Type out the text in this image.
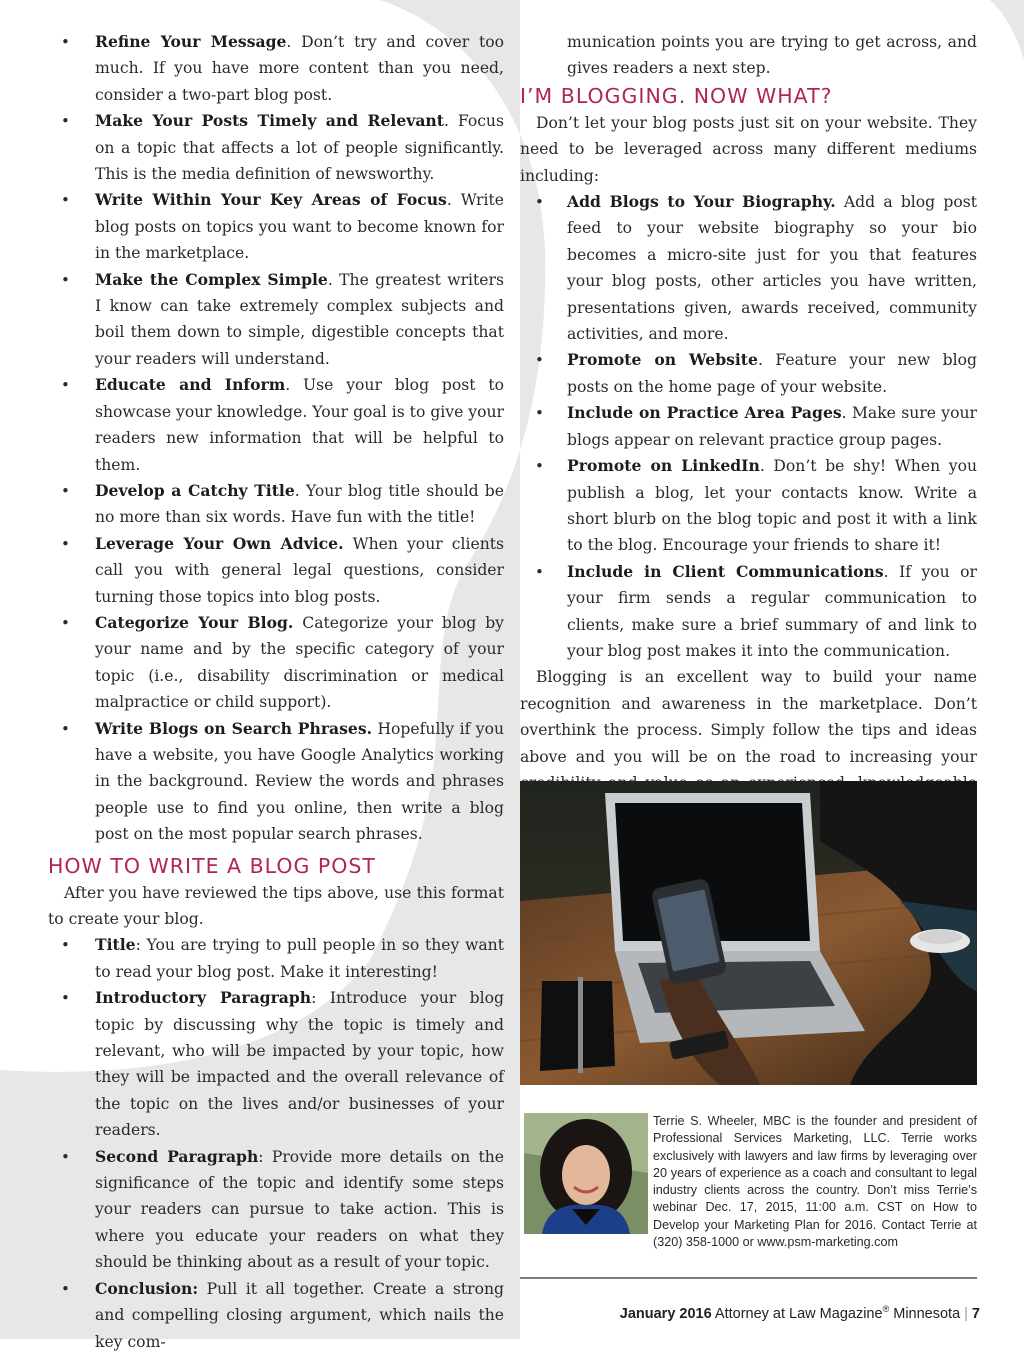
• Refine Your Message. Don’t try and cover too much. If you have more content than you need, consider a two-part blog post.
• Make Your Posts Timely and Relevant. Focus on a topic that affects a lot of people significantly. This is the media definition of newsworthy.
• Write Within Your Key Areas of Focus. Write blog posts on topics you want to become known for in the marketplace.
• Make the Complex Simple. The greatest writers I know can take extremely complex subjects and boil them down to simple, digestible concepts that your readers will understand.
• Educate and Inform. Use your blog post to showcase your knowledge. Your goal is to give your readers new information that will be helpful to them.
• Develop a Catchy Title. Your blog title should be no more than six words. Have fun with the title!
• Leverage Your Own Advice. When your clients call you with general legal questions, consider turning those topics into blog posts.
• Categorize Your Blog. Categorize your blog by your name and by the specific category of your topic (i.e., disability discrimination or medical malpractice or child support).
• Write Blogs on Search Phrases. Hopefully if you have a website, you have Google Analytics working in the background. Review the words and phrases people use to find you online, then write a blog post on the most popular search phrases.
HOW TO WRITE A BLOG POST

After you have reviewed the tips above, use this format to create your blog.

• Title: You are trying to pull people in so they want to read your blog post. Make it interesting!
• Introductory Paragraph: Introduce your blog topic by discussing why the topic is timely and relevant, who will be impacted by your topic, how they will be impacted and the overall relevance of the topic on the lives and/or businesses of your readers.
• Second Paragraph: Provide more details on the significance of the topic and identify some steps your readers can pursue to take action. This is where you educate your readers on what they should be thinking about as a result of your topic.
• Conclusion: Pull it all together. Create a strong and compelling closing argument, which nails the key com-

munication points you are trying to get across, and gives readers a next step.

I’M BLOGGING. NOW WHAT?

Don’t let your blog posts just sit on your website. They need to be leveraged across many different mediums including:

• Add Blogs to Your Biography. Add a blog post feed to your website biography so your bio becomes a micro-site just for you that features your blog posts, other articles you have written, presentations given, awards received, community activities, and more.
• Promote on Website. Feature your new blog posts on the home page of your website.
• Include on Practice Area Pages. Make sure your blogs appear on relevant practice group pages.
• Promote on LinkedIn. Don’t be shy! When you publish a blog, let your contacts know. Write a short blurb on the blog topic and post it with a link to the blog. Encourage your friends to share it!
• Include in Client Communications. If you or your firm sends a regular communication to clients, make sure a brief summary of and link to your blog post makes it into the communication.

Blogging is an excellent way to build your name recognition and awareness in the marketplace. Don’t overthink the process. Simply follow the tips and ideas above and you will be on the road to increasing your

Terrie S. Wheeler, MBC is the founder and president of Professional Services Marketing, LLC. Terrie works exclusively with lawyers and law firms by leveraging over 20 years of experience as a coach and consultant to legal industry clients across the country. Don’t miss Terrie’s webinar Dec. 17, 2015, 11:00 a.m. CST on How to Develop your Marketing Plan for 2016. Contact Terrie at (320) 358-1000 or www.psm-marketing.com

January 2016 Attorney at Law Magazine® Minnesota | 7
